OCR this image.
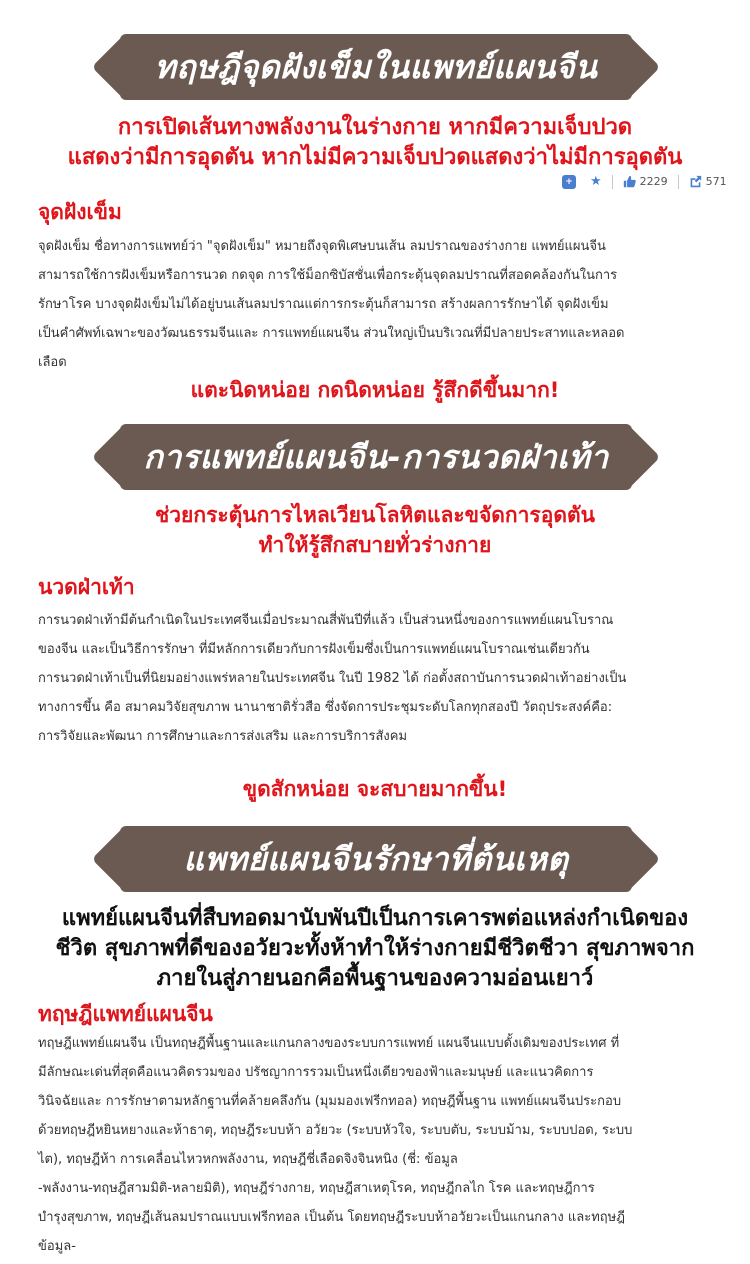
ทฤษฎีจุดฝังเข็มในแพทย์แผนจีน
การเปิดเส้นทางพลังงานในร่างกาย หากมีความเจ็บปวด
แสดงว่ามีการอุดตัน หากไม่มีความเจ็บปวดแสดงว่าไม่มีการอุดตัน
+ ★	2229	571
จุดฝังเข็ม
จุดฝังเข็ม ชื่อทางการแพทย์ว่า "จุดฝังเข็ม" หมายถึงจุดพิเศษบนเส้น ลมปราณของร่างกาย แพทย์แผนจีน
สามารถใช้การฝังเข็มหรือการนวด กดจุด การใช้ม็อกซิบัสชั่นเพื่อกระตุ้นจุดลมปราณที่สอดคล้องกันในการ
รักษาโรค บางจุดฝังเข็มไม่ได้อยู่บนเส้นลมปราณแต่การกระตุ้นก็สามารถ สร้างผลการรักษาได้ จุดฝังเข็ม
เป็นคำศัพท์เฉพาะของวัฒนธรรมจีนและ การแพทย์แผนจีน ส่วนใหญ่เป็นบริเวณที่มีปลายประสาทและหลอด
เลือด
แตะนิดหน่อย กดนิดหน่อย รู้สึกดีขึ้นมาก!
การแพทย์แผนจีน-การนวดฝ่าเท้า
ช่วยกระตุ้นการไหลเวียนโลหิตและขจัดการอุดตัน
ทำให้รู้สึกสบายทั่วร่างกาย
นวดฝ่าเท้า
การนวดฝ่าเท้ามีต้นกำเนิดในประเทศจีนเมื่อประมาณสี่พันปีที่แล้ว เป็นส่วนหนึ่งของการแพทย์แผนโบราณ
ของจีน และเป็นวิธีการรักษา ที่มีหลักการเดียวกับการฝังเข็มซึ่งเป็นการแพทย์แผนโบราณเช่นเดียวกัน
การนวดฝ่าเท้าเป็นที่นิยมอย่างแพร่หลายในประเทศจีน ในปี 1982 ได้ ก่อตั้งสถาบันการนวดฝ่าเท้าอย่างเป็น
ทางการขึ้น คือ สมาคมวิจัยสุขภาพ นานาชาติรั่วสือ ซึ่งจัดการประชุมระดับโลกทุกสองปี วัตถุประสงค์คือ:
การวิจัยและพัฒนา การศึกษาและการส่งเสริม และการบริการสังคม
ขูดสักหน่อย จะสบายมากขึ้น!
แพทย์แผนจีนรักษาที่ต้นเหตุ
แพทย์แผนจีนที่สืบทอดมานับพันปีเป็นการเคารพต่อแหล่งกำเนิดของ
ชีวิต สุขภาพที่ดีของอวัยวะทั้งห้าทำให้ร่างกายมีชีวิตชีวา สุขภาพจาก
ภายในสู่ภายนอกคือพื้นฐานของความอ่อนเยาว์
ทฤษฎีแพทย์แผนจีน
ทฤษฎีแพทย์แผนจีน เป็นทฤษฎีพื้นฐานและแกนกลางของระบบการแพทย์ แผนจีนแบบดั้งเดิมของประเทศ ที่
มีลักษณะเด่นที่สุดคือแนวคิดรวมของ ปรัชญาการรวมเป็นหนึ่งเดียวของฟ้าและมนุษย์ และแนวคิดการ
วินิจฉัยและ การรักษาตามหลักฐานที่คล้ายคลึงกัน (มุมมองเฟรีกทอล) ทฤษฎีพื้นฐาน แพทย์แผนจีนประกอบ
ด้วยทฤษฎีหยินหยางและห้าธาตุ, ทฤษฎีระบบห้า อวัยวะ (ระบบหัวใจ, ระบบตับ, ระบบม้าม, ระบบปอด, ระบบ
ไต), ทฤษฎีห้า การเคลื่อนไหวหกพลังงาน, ทฤษฎีชี่เลือดจิงจินหนิง (ชี่: ข้อมูล
-พลังงาน-ทฤษฎีสามมิติ-หลายมิติ), ทฤษฎีร่างกาย, ทฤษฎีสาเหตุโรค, ทฤษฎีกลไก โรค และทฤษฎีการ
บำรุงสุขภาพ, ทฤษฎีเส้นลมปราณแบบเฟรีกทอล เป็นต้น โดยทฤษฎีระบบห้าอวัยวะเป็นแกนกลาง และทฤษฎี
ข้อมูล-
